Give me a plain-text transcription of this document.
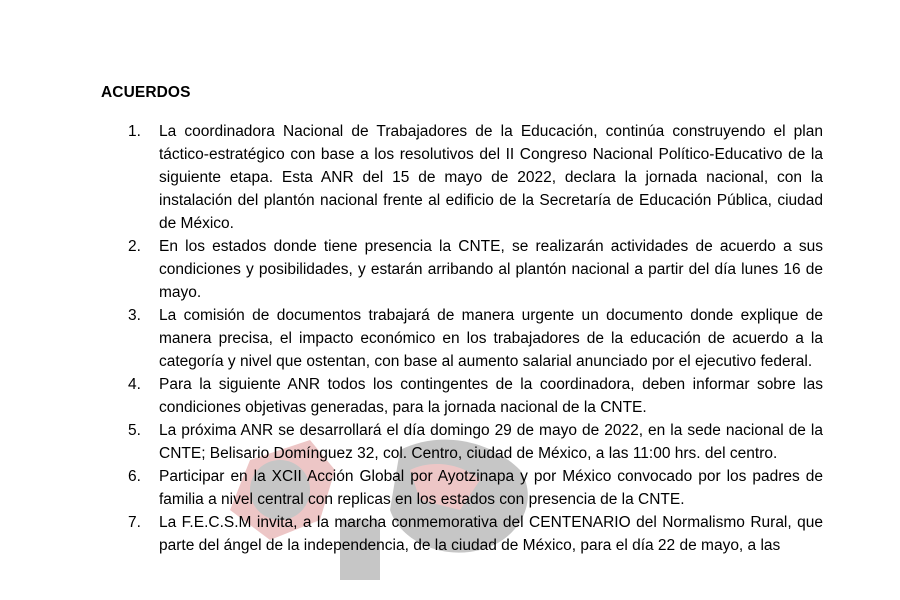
ACUERDOS
1. La coordinadora Nacional de Trabajadores de la Educación, continúa construyendo el plan táctico-estratégico con base a los resolutivos del II Congreso Nacional Político-Educativo de la siguiente etapa. Esta ANR del 15 de mayo de 2022, declara la jornada nacional, con la instalación del plantón nacional frente al edificio de la Secretaría de Educación Pública, ciudad de México.
2. En los estados donde tiene presencia la CNTE, se realizarán actividades de acuerdo a sus condiciones y posibilidades, y estarán arribando al plantón nacional a partir del día lunes 16 de mayo.
3. La comisión de documentos trabajará de manera urgente un documento donde explique de manera precisa, el impacto económico en los trabajadores de la educación de acuerdo a la categoría y nivel que ostentan, con base al aumento salarial anunciado por el ejecutivo federal.
4. Para la siguiente ANR todos los contingentes de la coordinadora, deben informar sobre las condiciones objetivas generadas, para la jornada nacional de la CNTE.
5. La próxima ANR se desarrollará el día domingo 29 de mayo de 2022, en la sede nacional de la CNTE; Belisario Domínguez 32, col. Centro, ciudad de México, a las 11:00 hrs. del centro.
6. Participar en la XCII Acción Global por Ayotzinapa y por México convocado por los padres de familia a nivel central con replicas en los estados con presencia de la CNTE.
7. La F.E.C.S.M invita, a la marcha conmemorativa del CENTENARIO del Normalismo Rural, que parte del ángel de la independencia, de la ciudad de México, para el día 22 de mayo, a las
